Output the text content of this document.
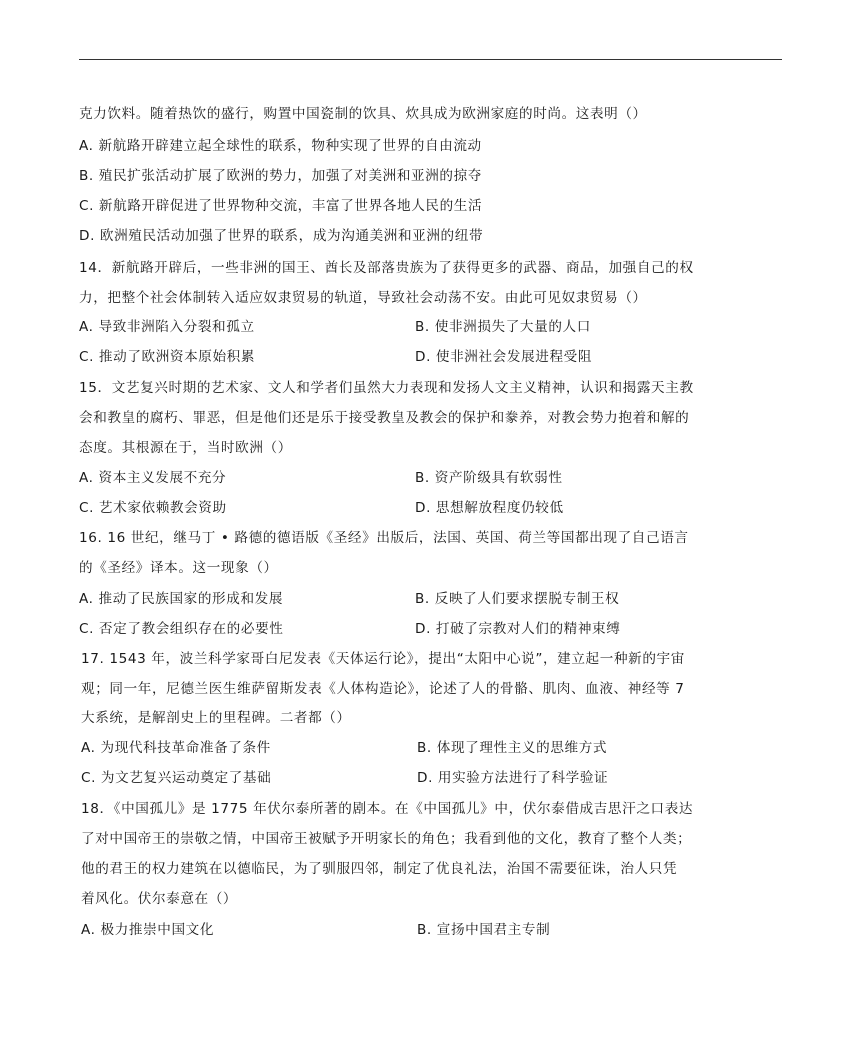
克力饮料。随着热饮的盛行，购置中国瓷制的饮具、炊具成为欧洲家庭的时尚。这表明（）
A. 新航路开辟建立起全球性的联系，物种实现了世界的自由流动
B. 殖民扩张活动扩展了欧洲的势力，加强了对美洲和亚洲的掠夺
C. 新航路开辟促进了世界物种交流，丰富了世界各地人民的生活
D. 欧洲殖民活动加强了世界的联系，成为沟通美洲和亚洲的纽带
14．新航路开辟后，一些非洲的国王、酋长及部落贵族为了获得更多的武器、商品，加强自己的权
力，把整个社会体制转入适应奴隶贸易的轨道，导致社会动荡不安。由此可见奴隶贸易（）
A. 导致非洲陷入分裂和孤立	B. 使非洲损失了大量的人口
C. 推动了欧洲资本原始积累	D. 使非洲社会发展进程受阻
15．文艺复兴时期的艺术家、文人和学者们虽然大力表现和发扬人文主义精神，认识和揭露天主教
会和教皇的腐朽、罪恶，但是他们还是乐于接受教皇及教会的保护和豢养，对教会势力抱着和解的
态度。其根源在于，当时欧洲（）
A. 资本主义发展不充分	B. 资产阶级具有软弱性
C. 艺术家依赖教会资助	D. 思想解放程度仍较低
16. 16 世纪，继马丁 • 路德的德语版《圣经》出版后，法国、英国、荷兰等国都出现了自己语言
的《圣经》译本。这一现象（）
A. 推动了民族国家的形成和发展	B. 反映了人们要求摆脱专制王权
C. 否定了教会组织存在的必要性	D. 打破了宗教对人们的精神束缚
17. 1543 年，波兰科学家哥白尼发表《天体运行论》，提出“太阳中心说”，建立起一种新的宇宙
观；同一年，尼德兰医生维萨留斯发表《人体构造论》，论述了人的骨骼、肌肉、血液、神经等 7
大系统，是解剖史上的里程碑。二者都（）
A. 为现代科技革命准备了条件	B. 体现了理性主义的思维方式
C. 为文艺复兴运动奠定了基础	D. 用实验方法进行了科学验证
18．《中国孤儿》是 1775 年伏尔泰所著的剧本。在《中国孤儿》中，伏尔泰借成吉思汗之口表达
了对中国帝王的崇敬之情，中国帝王被赋予开明家长的角色；我看到他的文化，教育了整个人类；
他的君王的权力建筑在以德临民，为了驯服四邻，制定了优良礼法，治国不需要征诛，治人只凭
着风化。伏尔泰意在（）
A. 极力推崇中国文化	B. 宣扬中国君主专制
